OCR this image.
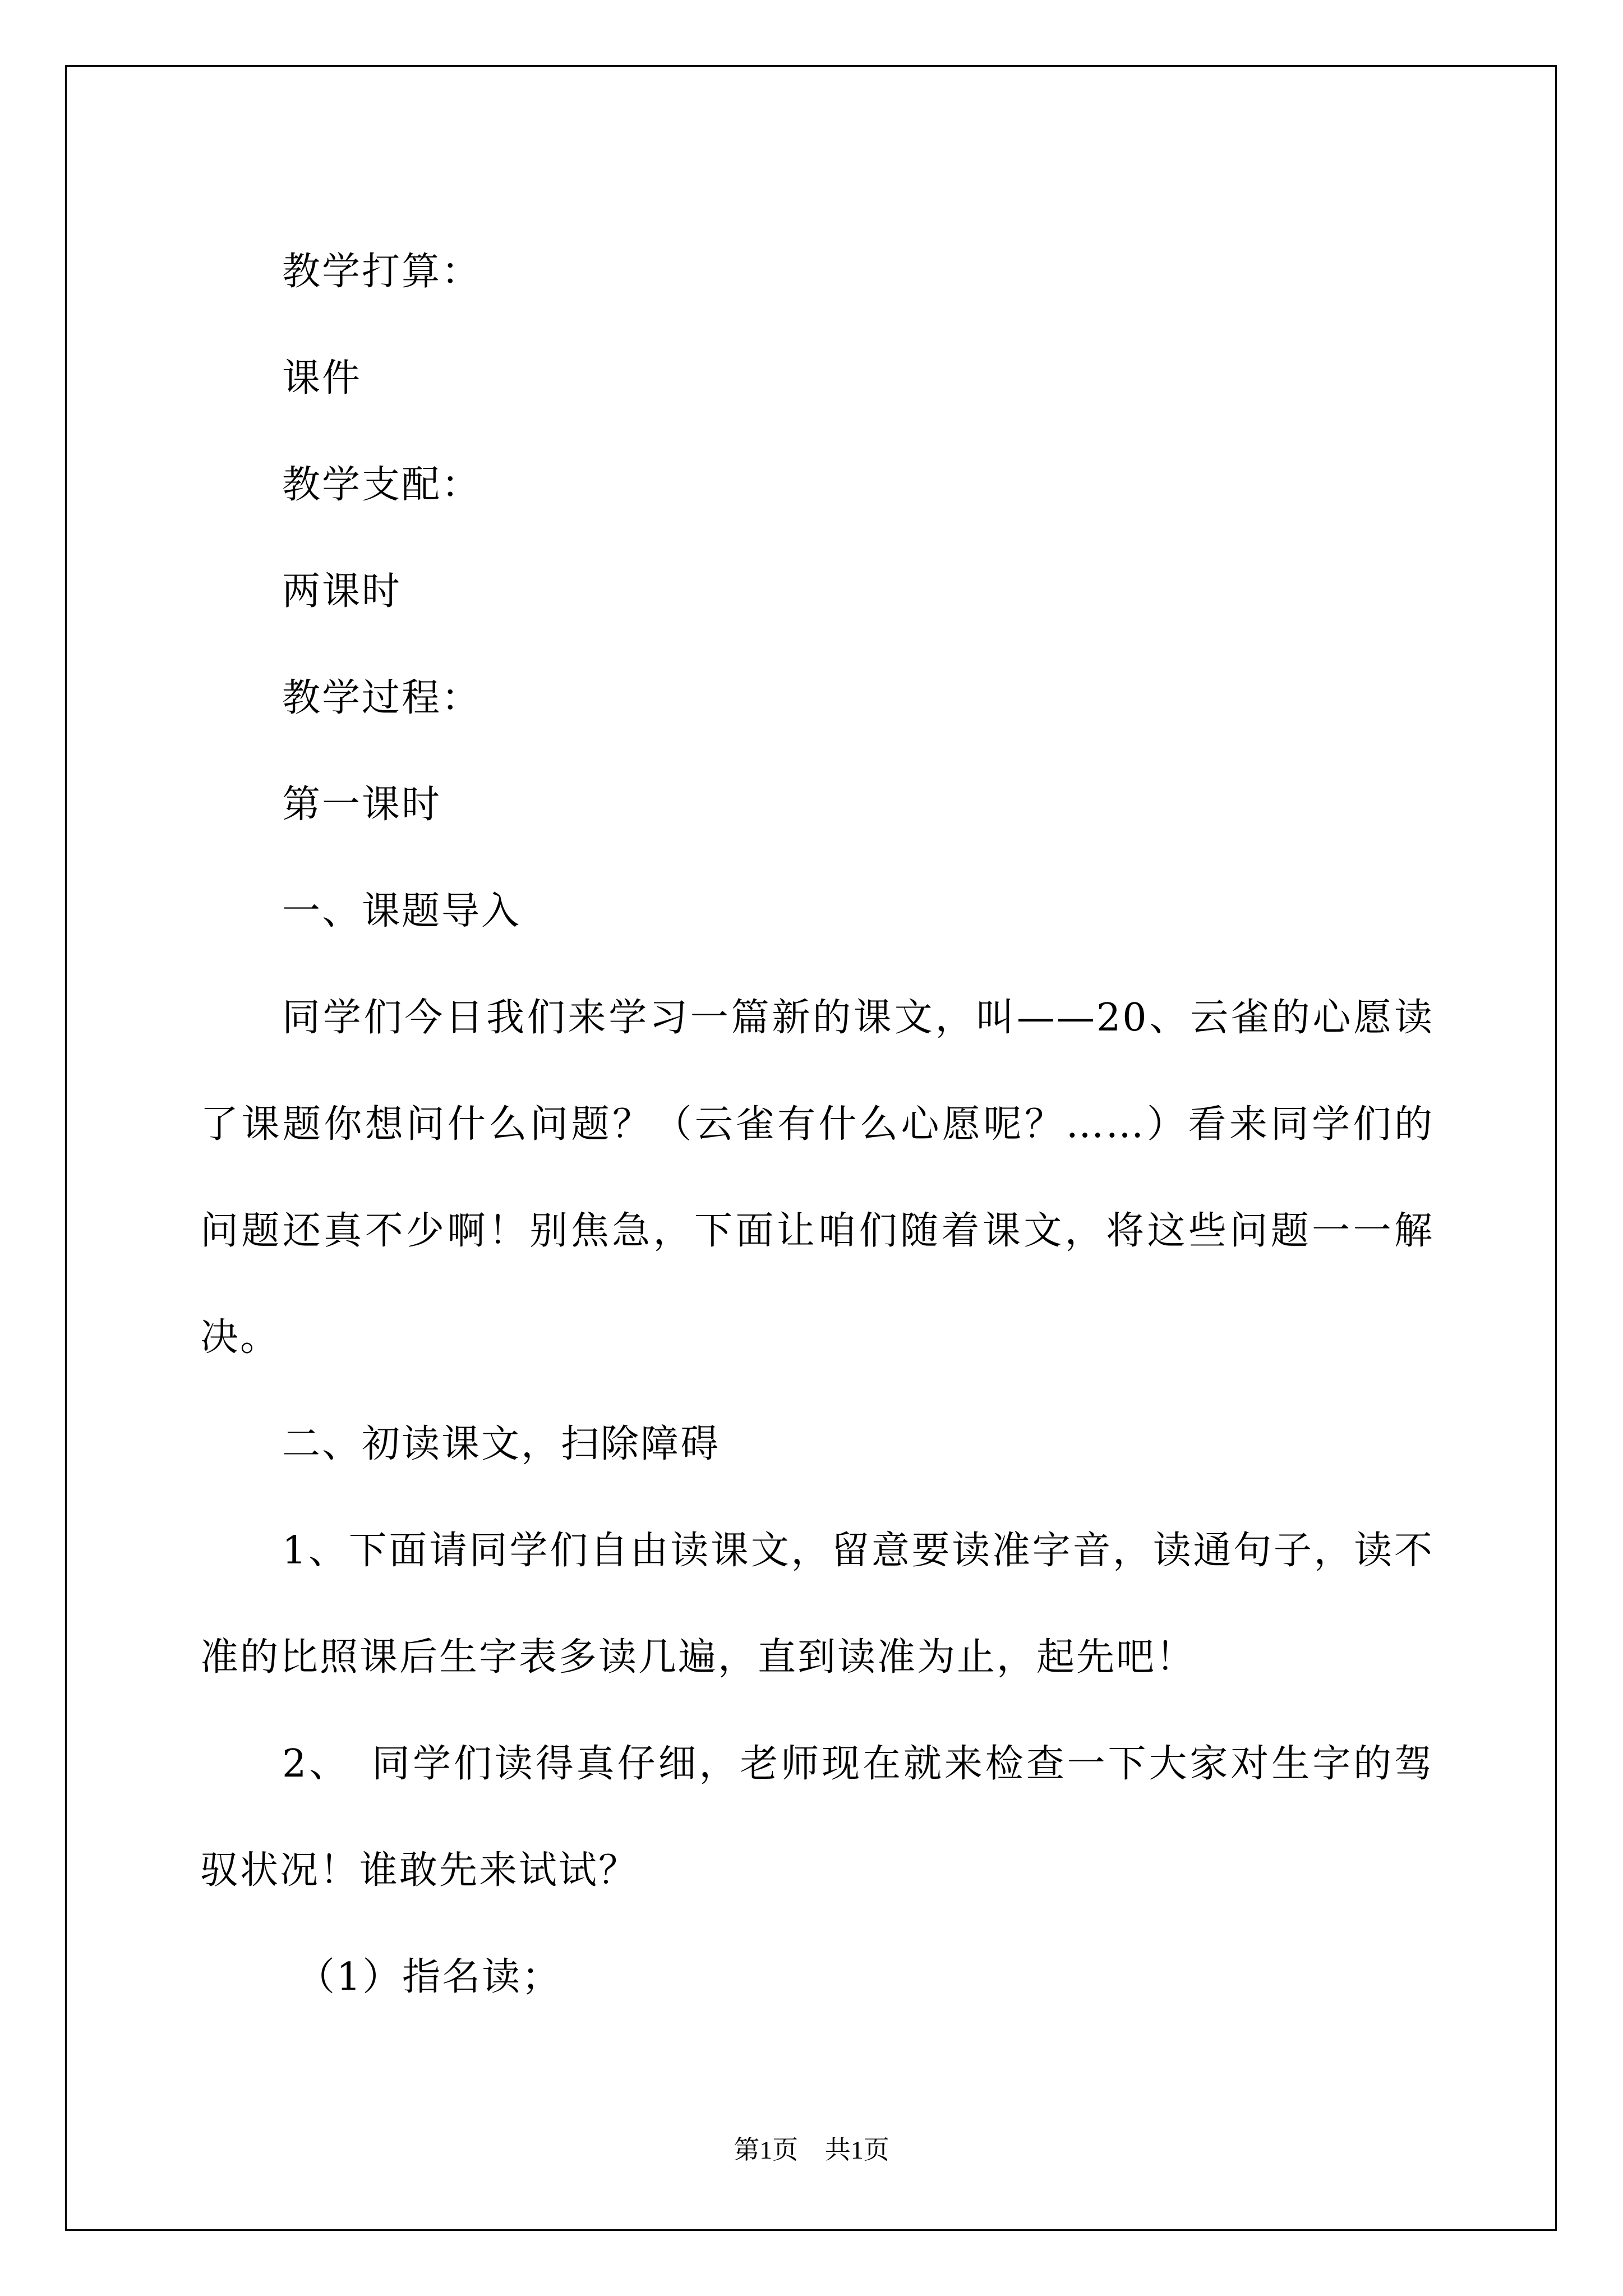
教学打算：

课件

教学支配：

两课时

教学过程：

第一课时

一、课题导入

同学们今日我们来学习一篇新的课文，叫——20、云雀的心愿读了课题你想问什么问题？（云雀有什么心愿呢？……）看来同学们的问题还真不少啊！别焦急，下面让咱们随着课文，将这些问题一一解决。

二、初读课文，扫除障碍

1、下面请同学们自由读课文，留意要读准字音，读通句子，读不准的比照课后生字表多读几遍，直到读准为止，起先吧！

2、　同学们读得真仔细，老师现在就来检查一下大家对生字的驾驭状况！谁敢先来试试？

（1）指名读；

第1页 共1页
